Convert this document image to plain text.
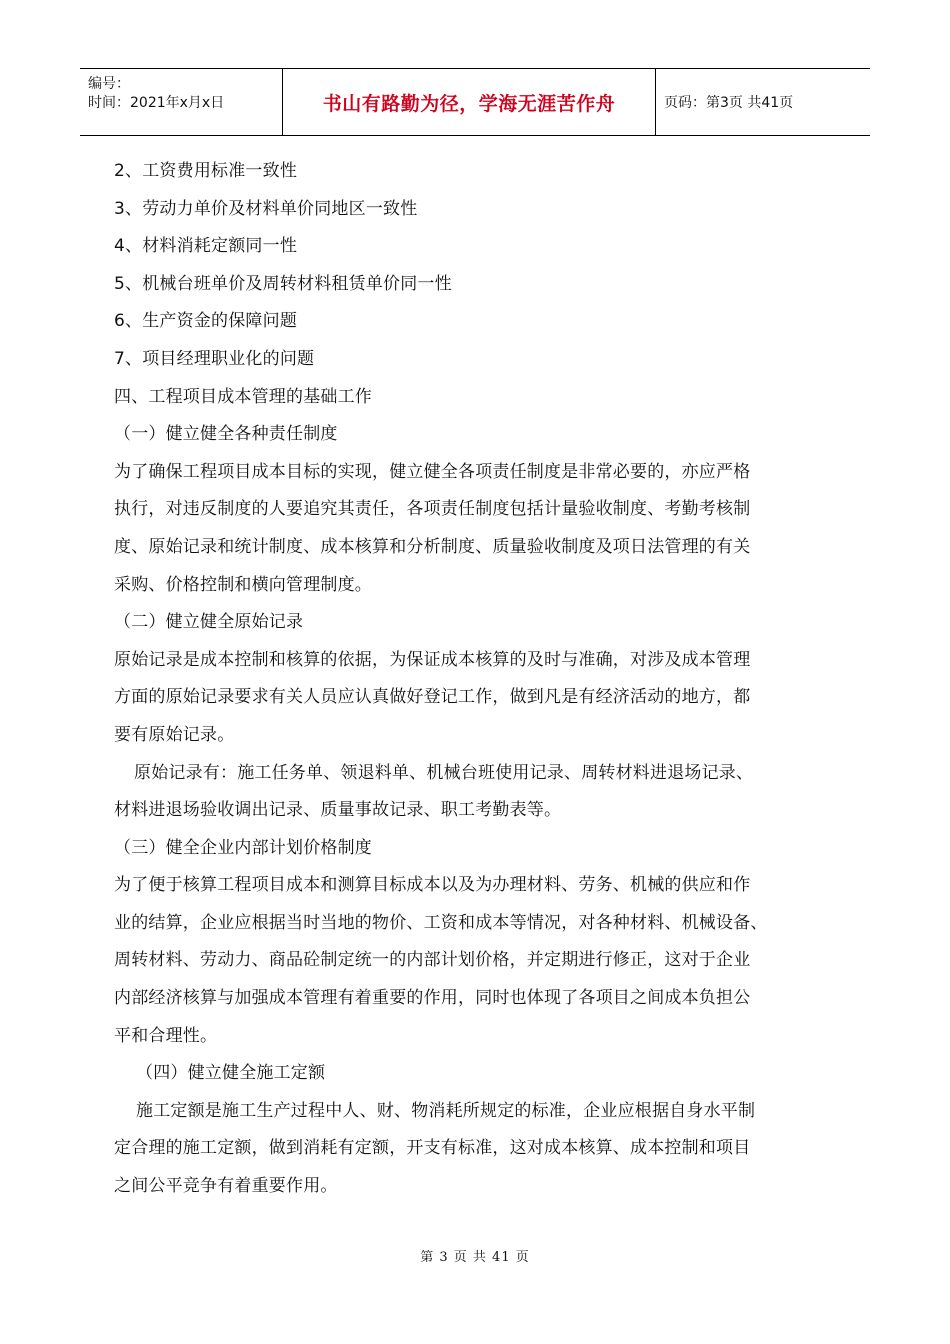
编号：
时间：2021年x月x日	书山有路勤为径，学海无涯苦作舟	页码：第3页 共41页
2、工资费用标准一致性
3、劳动力单价及材料单价同地区一致性
4、材料消耗定额同一性
5、机械台班单价及周转材料租赁单价同一性
6、生产资金的保障问题
7、项目经理职业化的问题
四、工程项目成本管理的基础工作
（一）健立健全各种责任制度
为了确保工程项目成本目标的实现，健立健全各项责任制度是非常必要的，亦应严格
执行，对违反制度的人要追究其责任，各项责任制度包括计量验收制度、考勤考核制
度、原始记录和统计制度、成本核算和分析制度、质量验收制度及项日法管理的有关
采购、价格控制和横向管理制度。
（二）健立健全原始记录
原始记录是成本控制和核算的依据，为保证成本核算的及时与准确，对涉及成本管理
方面的原始记录要求有关人员应认真做好登记工作，做到凡是有经济活动的地方，都
要有原始记录。
原始记录有：施工任务单、领退料单、机械台班使用记录、周转材料进退场记录、
材料进退场验收调出记录、质量事故记录、职工考勤表等。
（三）健全企业内部计划价格制度
为了便于核算工程项目成本和测算目标成本以及为办理材料、劳务、机械的供应和作
业的结算，企业应根据当时当地的物价、工资和成本等情况，对各种材料、机械设备、
周转材料、劳动力、商品砼制定统一的内部计划价格，并定期进行修正，这对于企业
内部经济核算与加强成本管理有着重要的作用，同时也体现了各项目之间成本负担公
平和合理性。
（四）健立健全施工定额
施工定额是施工生产过程中人、财、物消耗所规定的标准，企业应根据自身水平制
定合理的施工定额，做到消耗有定额，开支有标准，这对成本核算、成本控制和项目
之间公平竞争有着重要作用。
第 3 页 共 41 页
